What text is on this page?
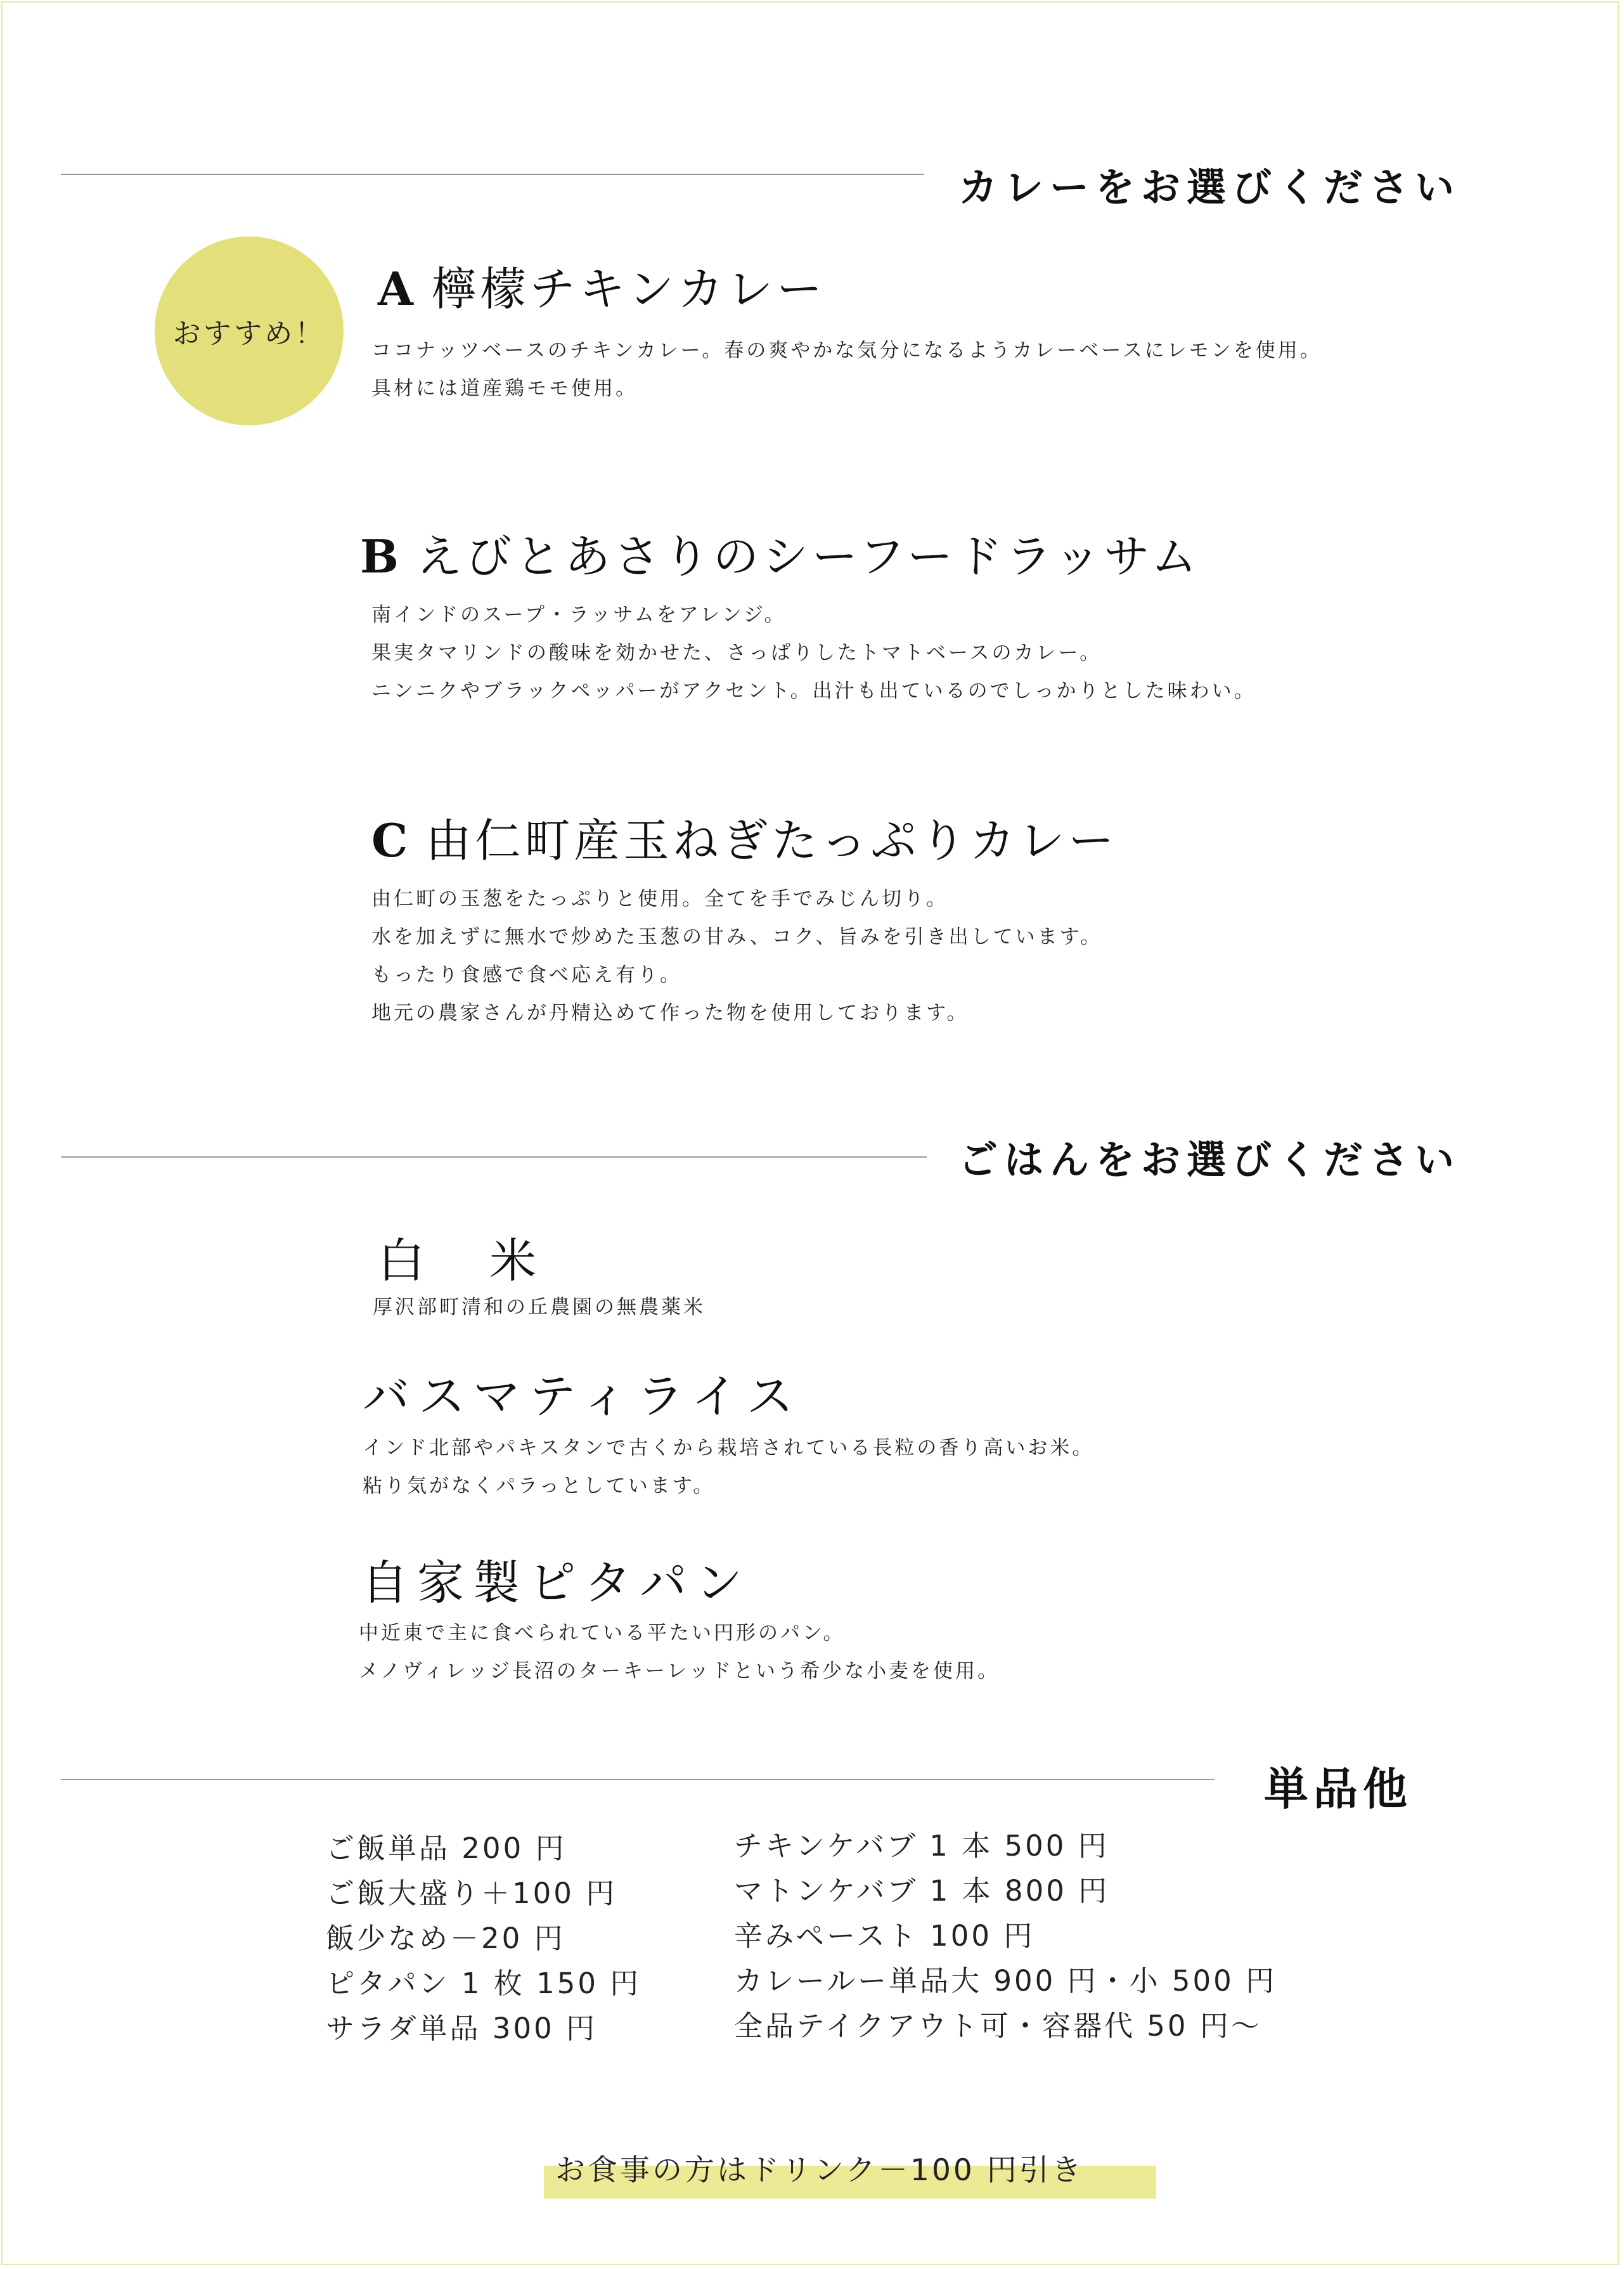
カレーをお選びください
おすすめ！
A 檸檬チキンカレー
ココナッツベースのチキンカレー。春の爽やかな気分になるようカレーベースにレモンを使用。
具材には道産鶏モモ使用。
B えびとあさりのシーフードラッサム
南インドのスープ・ラッサムをアレンジ。
果実タマリンドの酸味を効かせた、さっぱりしたトマトベースのカレー。
ニンニクやブラックペッパーがアクセント。出汁も出ているのでしっかりとした味わい。
C 由仁町産玉ねぎたっぷりカレー
由仁町の玉葱をたっぷりと使用。全てを手でみじん切り。
水を加えずに無水で炒めた玉葱の甘み、コク、旨みを引き出しています。
もったり食感で食べ応え有り。
地元の農家さんが丹精込めて作った物を使用しております。
ごはんをお選びください
白　米
厚沢部町清和の丘農園の無農薬米
バスマティライス
インド北部やパキスタンで古くから栽培されている長粒の香り高いお米。
粘り気がなくパラっとしています。
自家製ピタパン
中近東で主に食べられている平たい円形のパン。
メノヴィレッジ長沼のターキーレッドという希少な小麦を使用。
単品他
ご飯単品 200 円
ご飯大盛り＋100 円
飯少なめ－20 円
ピタパン 1 枚 150 円
サラダ単品 300 円
チキンケバブ 1 本 500 円
マトンケバブ 1 本 800 円
辛みペースト 100 円
カレールー単品大 900 円・小 500 円
全品テイクアウト可・容器代 50 円～
お食事の方はドリンク－100 円引き
